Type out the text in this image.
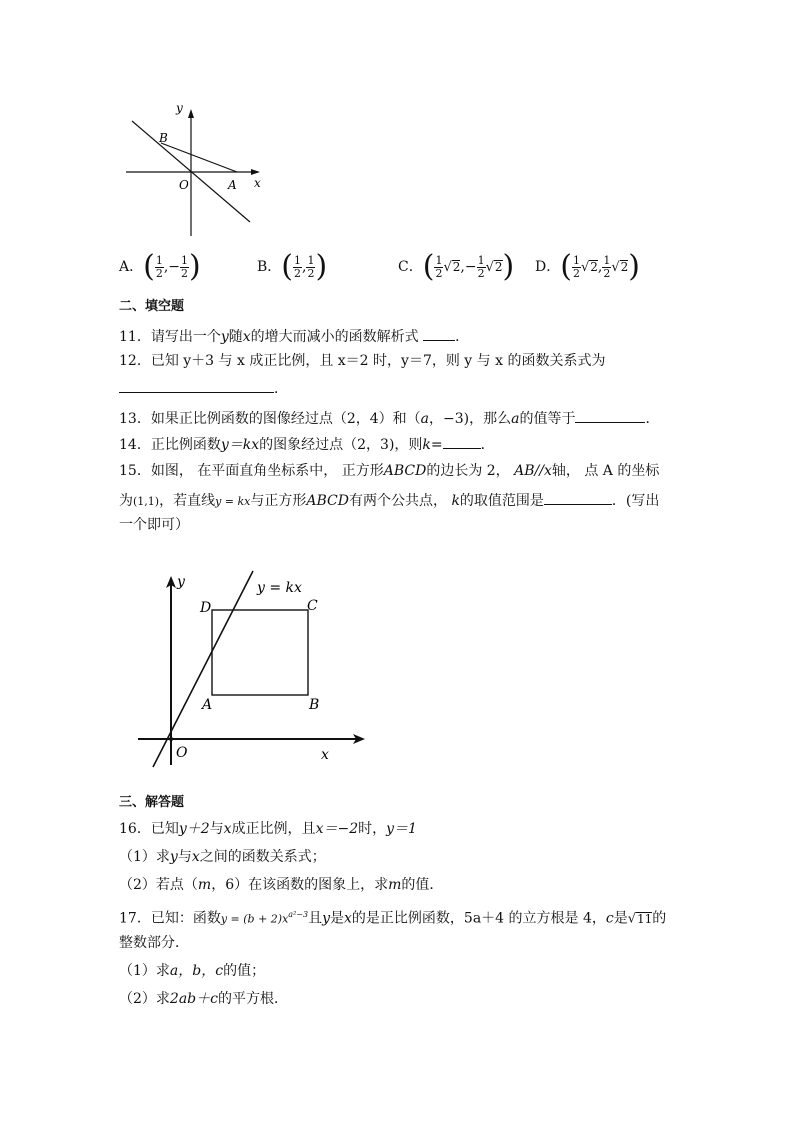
y
x
O	A
B
A．( $\frac{1}{2}$ ,− $\frac{1}{2}$ )	B．( $\frac{1}{2}$ , $\frac{1}{2}$ )	C．( $\frac{1}{2} √2,- \frac{1}{2} √2$) D．( $\frac{1}{2} √2$, $\frac{1}{2} √2$)
二、填空题
11．请写出一个y随x的增大而减小的函数解析式 ．
12．已知 y＋3 与 x 成正比例，且 x＝2 时，y＝7，则 y 与 x 的函数关系式为
．
13．如果正比例函数的图像经过点（2，4）和（a，−3)，那么a的值等于	．
14．正比例函数y＝kx的图象经过点（2，3)，则k=	．
15．如图， 在平面直角坐标系中， 正方形ABCD的边长为 2， AB//x轴， 点 A 的坐标
为(1,1)，若直线y = kx与正方形ABCD有两个公共点， k的取值范围是	．(写出
一个即可）
y
x
O
A	B
C
D
y = kx
三、解答题
16．已知y＋2与x成正比例，且x＝−2时，y＝1
（1）求y与x之间的函数关系式；
（2）若点（m，6）在该函数的图象上，求m的值．
17．已知：函数$y = (b + 2)x^{a^2-3}$且y是x的是正比例函数，5a＋4 的立方根是 4，c是√11的
整数部分．
（1）求a，b，c的值；
（2）求2ab＋c的平方根．
